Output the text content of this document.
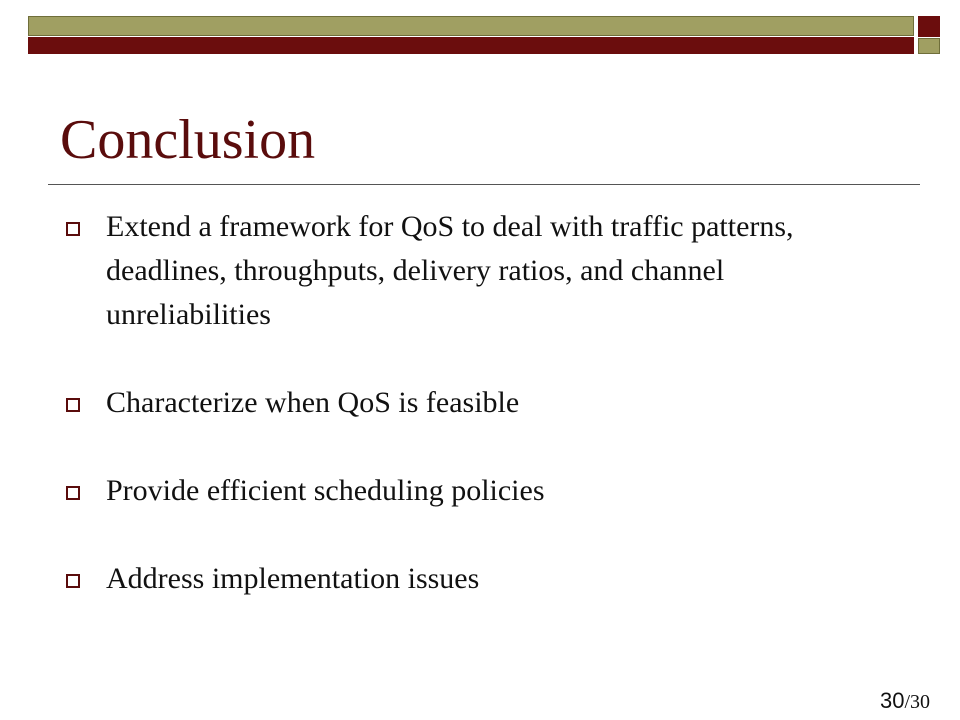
Conclusion
Extend a framework for QoS to deal with traffic patterns, deadlines, throughputs, delivery ratios, and channel unreliabilities
Characterize when QoS is feasible
Provide efficient scheduling policies
Address implementation issues
30/30
